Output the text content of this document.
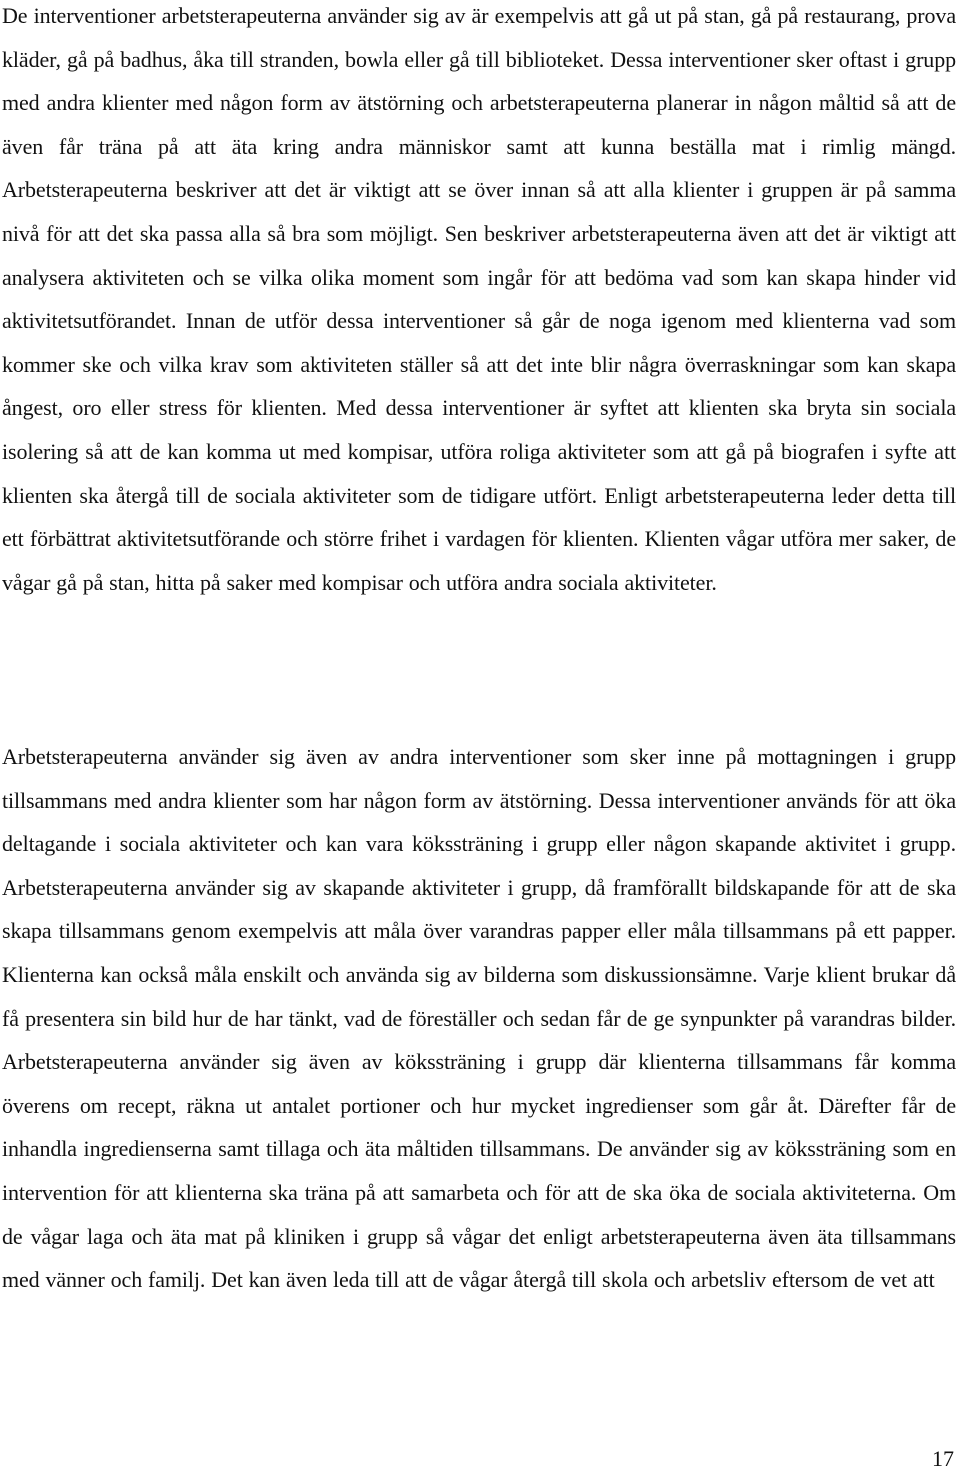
De interventioner arbetsterapeuterna använder sig av är exempelvis att gå ut på stan, gå på restaurang, prova kläder, gå på badhus, åka till stranden, bowla eller gå till biblioteket. Dessa interventioner sker oftast i grupp med andra klienter med någon form av ätstörning och arbetsterapeuterna planerar in någon måltid så att de även får träna på att äta kring andra människor samt att kunna beställa mat i rimlig mängd. Arbetsterapeuterna beskriver att det är viktigt att se över innan så att alla klienter i gruppen är på samma nivå för att det ska passa alla så bra som möjligt. Sen beskriver arbetsterapeuterna även att det är viktigt att analysera aktiviteten och se vilka olika moment som ingår för att bedöma vad som kan skapa hinder vid aktivitetsutförandet. Innan de utför dessa interventioner så går de noga igenom med klienterna vad som kommer ske och vilka krav som aktiviteten ställer så att det inte blir några överraskningar som kan skapa ångest, oro eller stress för klienten. Med dessa interventioner är syftet att klienten ska bryta sin sociala isolering så att de kan komma ut med kompisar, utföra roliga aktiviteter som att gå på biografen i syfte att klienten ska återgå till de sociala aktiviteter som de tidigare utfört. Enligt arbetsterapeuterna leder detta till ett förbättrat aktivitetsutförande och större frihet i vardagen för klienten. Klienten vågar utföra mer saker, de vågar gå på stan, hitta på saker med kompisar och utföra andra sociala aktiviteter.

Arbetsterapeuterna använder sig även av andra interventioner som sker inne på mottagningen i grupp tillsammans med andra klienter som har någon form av ätstörning. Dessa interventioner används för att öka deltagande i sociala aktiviteter och kan vara kökssträning i grupp eller någon skapande aktivitet i grupp. Arbetsterapeuterna använder sig av skapande aktiviteter i grupp, då framförallt bildskapande för att de ska skapa tillsammans genom exempelvis att måla över varandras papper eller måla tillsammans på ett papper. Klienterna kan också måla enskilt och använda sig av bilderna som diskussionsämne. Varje klient brukar då få presentera sin bild hur de har tänkt, vad de föreställer och sedan får de ge synpunkter på varandras bilder. Arbetsterapeuterna använder sig även av kökssträning i grupp där klienterna tillsammans får komma överens om recept, räkna ut antalet portioner och hur mycket ingredienser som går åt. Därefter får de inhandla ingredienserna samt tillaga och äta måltiden tillsammans. De använder sig av kökssträning som en intervention för att klienterna ska träna på att samarbeta och för att de ska öka de sociala aktiviteterna. Om de vågar laga och äta mat på kliniken i grupp så vågar det enligt arbetsterapeuterna även äta tillsammans med vänner och familj. Det kan även leda till att de vågar återgå till skola och arbetsliv eftersom de vet att

17
